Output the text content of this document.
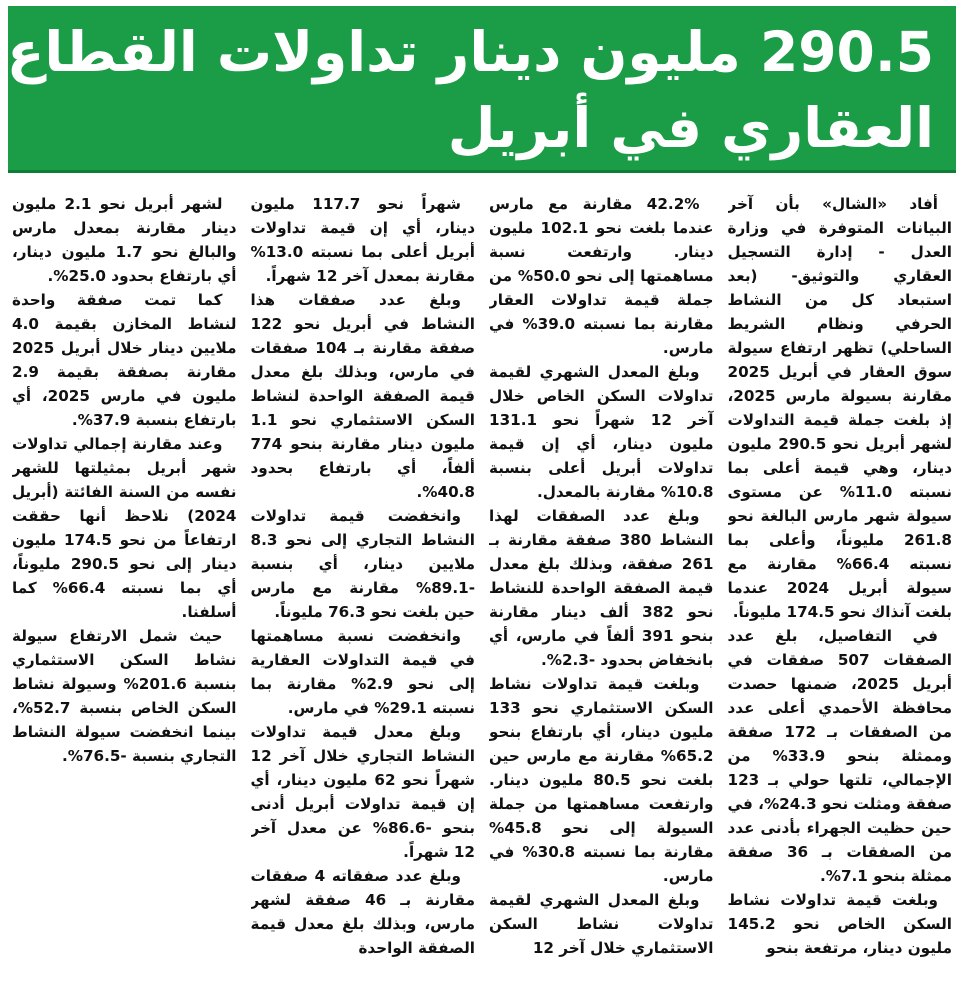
290.5 مليون دينار تداولات القطاع
العقاري في أبريل

أفاد «الشال» بأن آخر البيانات المتوفرة في وزارة العدل - إدارة التسجيل العقاري والتوثيق- (بعد استبعاد كل من النشاط الحرفي ونظام الشريط الساحلي) تظهر ارتفاع سيولة سوق العقار في أبريل 2025 مقارنة بسيولة مارس 2025، إذ بلغت جملة قيمة التداولات لشهر أبريل نحو 290.5 مليون دينار، وهي قيمة أعلى بما نسبته 11.0% عن مستوى سيولة شهر مارس البالغة نحو 261.8 مليوناً، وأعلى بما نسبته 66.4% مقارنة مع سيولة أبريل 2024 عندما بلغت آنذاك نحو 174.5 مليوناً.

في التفاصيل، بلغ عدد الصفقات 507 صفقات في أبريل 2025، ضمنها حصدت محافظة الأحمدي أعلى عدد من الصفقات بـ 172 صفقة وممثلة بنحو 33.9% من الإجمالي، تلتها حولي بـ 123 صفقة ومثلت نحو 24.3%، في حين حظيت الجهراء بأدنى عدد من الصفقات بـ 36 صفقة ممثلة بنحو 7.1%.

وبلغت قيمة تداولات نشاط السكن الخاص نحو 145.2 مليون دينار، مرتفعة بنحو

42.2% مقارنة مع مارس عندما بلغت نحو 102.1 مليون دينار. وارتفعت نسبة مساهمتها إلى نحو 50.0% من جملة قيمة تداولات العقار مقارنة بما نسبته 39.0% في مارس.

وبلغ المعدل الشهري لقيمة تداولات السكن الخاص خلال آخر 12 شهراً نحو 131.1 مليون دينار، أي إن قيمة تداولات أبريل أعلى بنسبة 10.8% مقارنة بالمعدل.

وبلغ عدد الصفقات لهذا النشاط 380 صفقة مقارنة بـ 261 صفقة، وبذلك بلغ معدل قيمة الصفقة الواحدة للنشاط نحو 382 ألف دينار مقارنة بنحو 391 ألفاً في مارس، أي بانخفاض بحدود -2.3%.

وبلغت قيمة تداولات نشاط السكن الاستثماري نحو 133 مليون دينار، أي بارتفاع بنحو 65.2% مقارنة مع مارس حين بلغت نحو 80.5 مليون دينار. وارتفعت مساهمتها من جملة السيولة إلى نحو 45.8% مقارنة بما نسبته 30.8% في مارس.

وبلغ المعدل الشهري لقيمة تداولات نشاط السكن الاستثماري خلال آخر 12

شهراً نحو 117.7 مليون دينار، أي إن قيمة تداولات أبريل أعلى بما نسبته 13.0% مقارنة بمعدل آخر 12 شهراً.

وبلغ عدد صفقات هذا النشاط في أبريل نحو 122 صفقة مقارنة بـ 104 صفقات في مارس، وبذلك بلغ معدل قيمة الصفقة الواحدة لنشاط السكن الاستثماري نحو 1.1 مليون دينار مقارنة بنحو 774 ألفاً، أي بارتفاع بحدود 40.8%.

وانخفضت قيمة تداولات النشاط التجاري إلى نحو 8.3 ملايين دينار، أي بنسبة -89.1% مقارنة مع مارس حين بلغت نحو 76.3 مليوناً.

وانخفضت نسبة مساهمتها في قيمة التداولات العقارية إلى نحو 2.9% مقارنة بما نسبته 29.1% في مارس.

وبلغ معدل قيمة تداولات النشاط التجاري خلال آخر 12 شهراً نحو 62 مليون دينار، أي إن قيمة تداولات أبريل أدنى بنحو -86.6% عن معدل آخر 12 شهراً.

وبلغ عدد صفقاته 4 صفقات مقارنة بـ 46 صفقة لشهر مارس، وبذلك بلغ معدل قيمة الصفقة الواحدة

لشهر أبريل نحو 2.1 مليون دينار مقارنة بمعدل مارس والبالغ نحو 1.7 مليون دينار، أي بارتفاع بحدود 25.0%.

كما تمت صفقة واحدة لنشاط المخازن بقيمة 4.0 ملايين دينار خلال أبريل 2025 مقارنة بصفقة بقيمة 2.9 مليون في مارس 2025، أي بارتفاع بنسبة 37.9%.

وعند مقارنة إجمالي تداولات شهر أبريل بمثيلتها للشهر نفسه من السنة الفائتة (أبريل 2024) نلاحظ أنها حققت ارتفاعاً من نحو 174.5 مليون دينار إلى نحو 290.5 مليوناً، أي بما نسبته 66.4% كما أسلفنا.

حيث شمل الارتفاع سيولة نشاط السكن الاستثماري بنسبة 201.6% وسيولة نشاط السكن الخاص بنسبة 52.7%، بينما انخفضت سيولة النشاط التجاري بنسبة -76.5%.
